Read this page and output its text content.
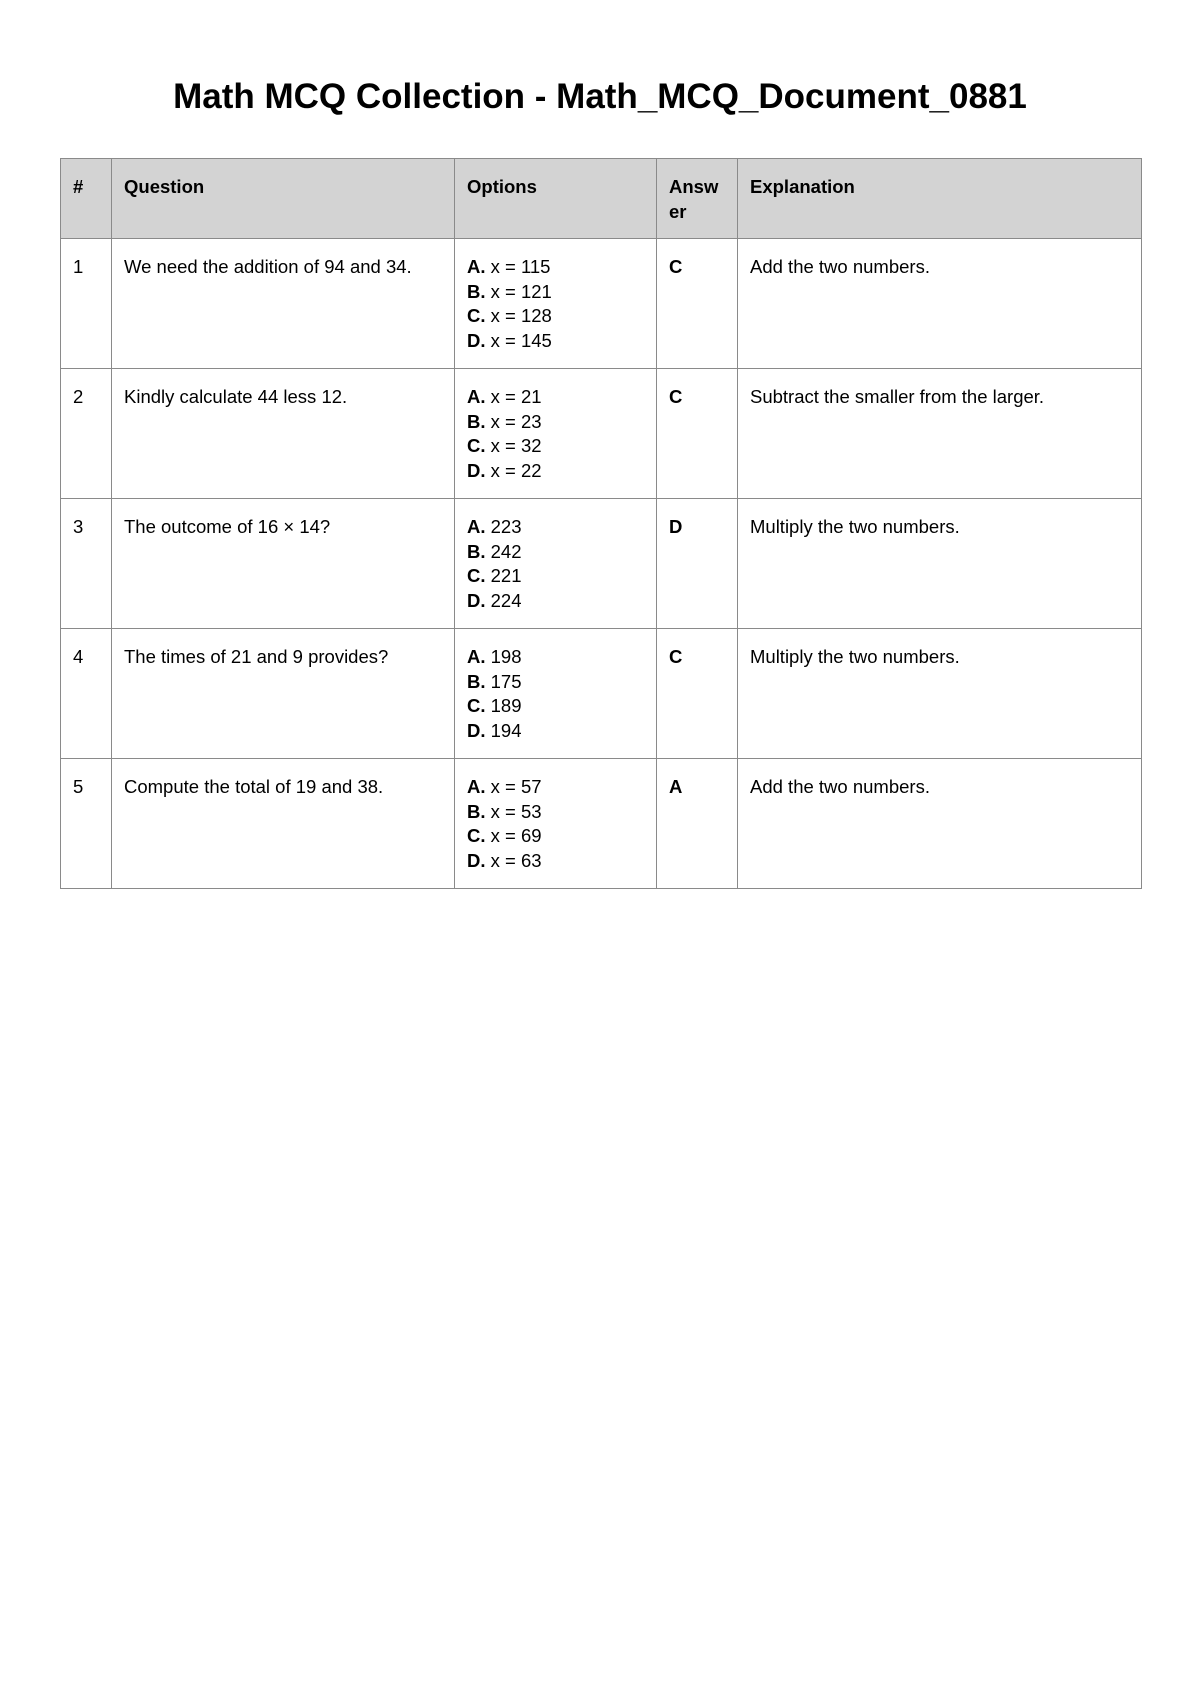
Math MCQ Collection - Math_MCQ_Document_0881
#	Question	Options	Answer	Explanation
1	We need the addition of 94 and 34.	A. x = 115
B. x = 121
C. x = 128
D. x = 145	C	Add the two numbers.
2	Kindly calculate 44 less 12.	A. x = 21
B. x = 23
C. x = 32
D. x = 22	C	Subtract the smaller from the larger.
3	The outcome of 16 × 14?	A. 223
B. 242
C. 221
D. 224	D	Multiply the two numbers.
4	The times of 21 and 9 provides?	A. 198
B. 175
C. 189
D. 194	C	Multiply the two numbers.
5	Compute the total of 19 and 38.	A. x = 57
B. x = 53
C. x = 69
D. x = 63	A	Add the two numbers.
